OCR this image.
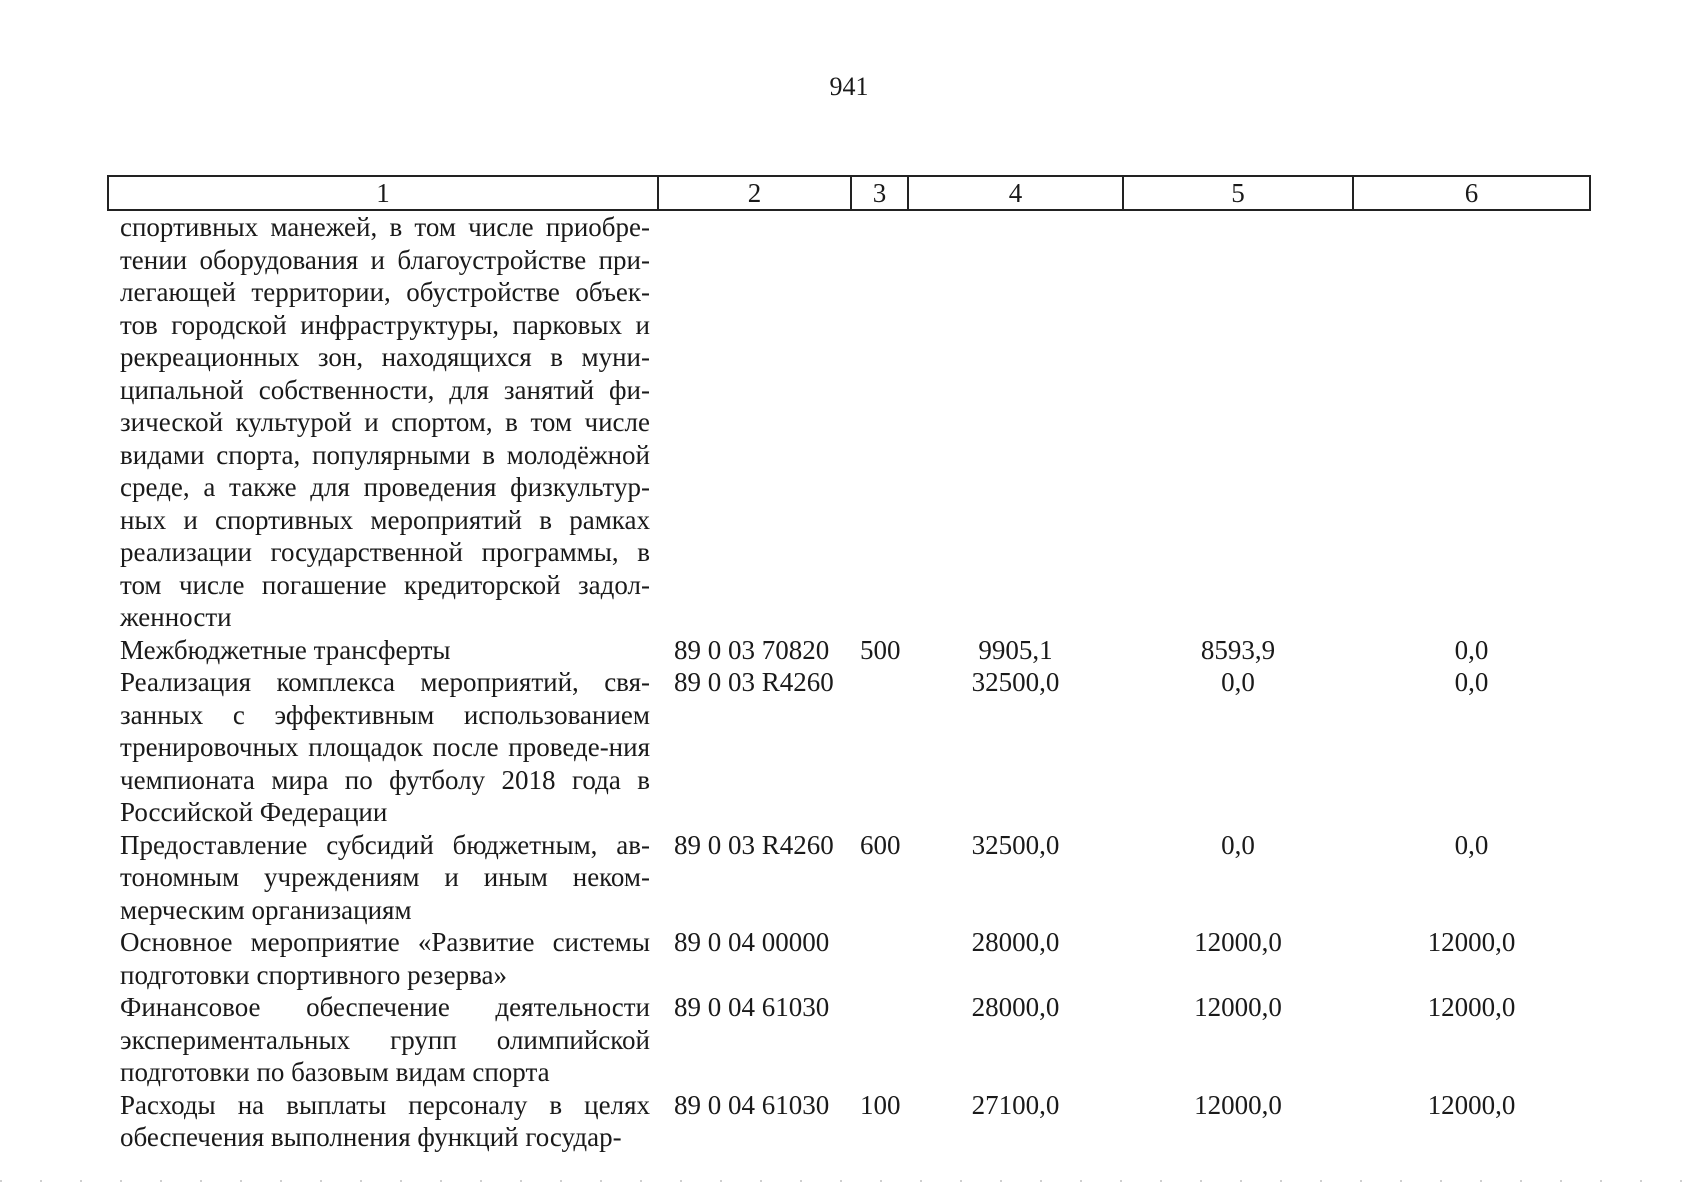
941
1	2	3	4	5	6
спортивных манежей, в том числе приобре-тении оборудования и благоустройстве при-легающей территории, обустройстве объек-тов городской инфраструктуры, парковых и рекреационных зон, находящихся в муни-ципальной собственности, для занятий фи-зической культурой и спортом, в том числе видами спорта, популярными в молодёжной среде, а также для проведения физкультур-ных и спортивных мероприятий в рамках реализации государственной программы, в том числе погашение кредиторской задол-женности					
Межбюджетные трансферты	89 0 03 70820	500	9905,1	8593,9	0,0
Реализация комплекса мероприятий, свя-занных с эффективным использованием тренировочных площадок после проведе-ния чемпионата мира по футболу 2018 года в Российской Федерации	89 0 03 R4260		32500,0	0,0	0,0
Предоставление субсидий бюджетным, ав-тономным учреждениям и иным неком-мерческим организациям	89 0 03 R4260	600	32500,0	0,0	0,0
Основное мероприятие «Развитие системы подготовки спортивного резерва»	89 0 04 00000		28000,0	12000,0	12000,0
Финансовое обеспечение деятельности экспериментальных групп олимпийской подготовки по базовым видам спорта	89 0 04 61030		28000,0	12000,0	12000,0
Расходы на выплаты персоналу в целях обеспечения выполнения функций государ-	89 0 04 61030	100	27100,0	12000,0	12000,0
